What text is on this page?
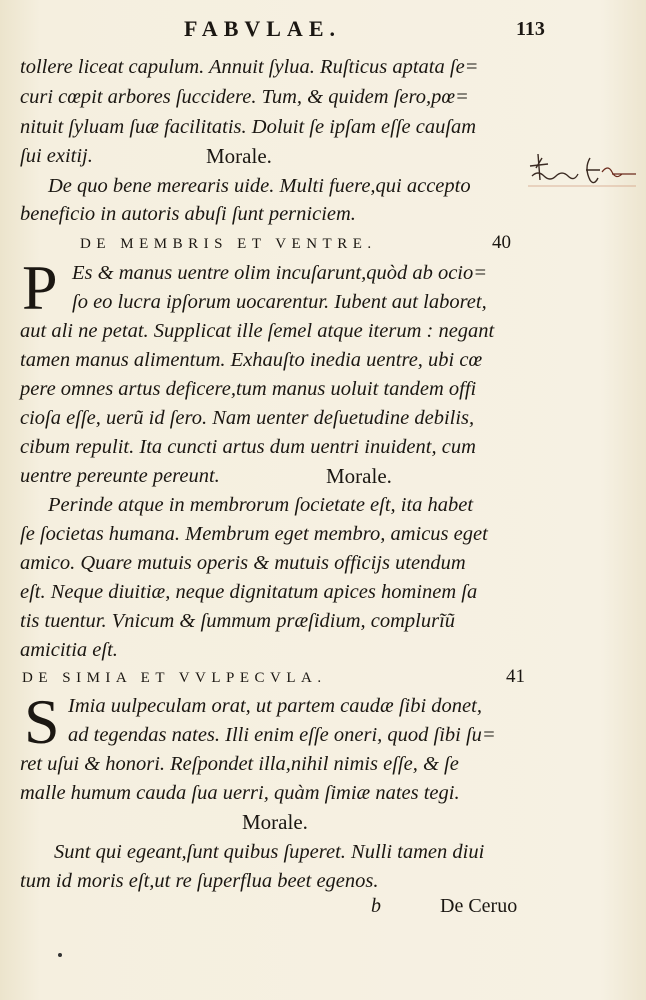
FABVLAE.	113
tollere liceat capulum. Annuit ſylua. Ruſticus aptata ſe=
curi cœpit arbores ſuccidere. Tum, & quidem ſero,pœ=
nituit ſyluam ſuæ facilitatis. Doluit ſe ipſam eſſe cauſam
ſui exitij.	Morale.
De quo bene merearis uide. Multi fuere,qui accepto
beneficio in autoris abuſi ſunt perniciem.
DE MEMBRIS ET VENTRE.	40
P Es & manus uentre olim incuſarunt,quòd ab ocio=
ſo eo lucra ipſorum uocarentur. Iubent aut laboret,
aut ali ne petat. Supplicat ille ſemel atque iterum : negant
tamen manus alimentum. Exhauſto inedia uentre, ubi cœ
pere omnes artus deficere,tum manus uoluit tandem offi
cioſa eſſe, uerũ id ſero. Nam uenter deſuetudine debilis,
cibum repulit. Ita cuncti artus dum uentri inuident, cum
uentre pereunte pereunt.	Morale.
Perinde atque in membrorum ſocietate eſt, ita habet
ſe ſocietas humana. Membrum eget membro, amicus eget
amico. Quare mutuis operis & mutuis officijs utendum
eſt. Neque diuitiæ, neque dignitatum apices hominem ſa
tis tuentur. Vnicum & ſummum præſidium, complurĩũ
amicitia eſt.
DE SIMIA ET VVLPECVLA.	41
S Imia uulpeculam orat, ut partem caudæ ſibi donet,
ad tegendas nates. Illi enim eſſe oneri, quod ſibi ſu=
ret uſui & honori. Reſpondet illa,nihil nimis eſſe, & ſe
malle humum cauda ſua uerri, quàm ſimiæ nates tegi.
Morale.
Sunt qui egeant,ſunt quibus ſuperet. Nulli tamen diui
tum id moris eſt,ut re ſuperflua beet egenos.
b	De Ceruo
